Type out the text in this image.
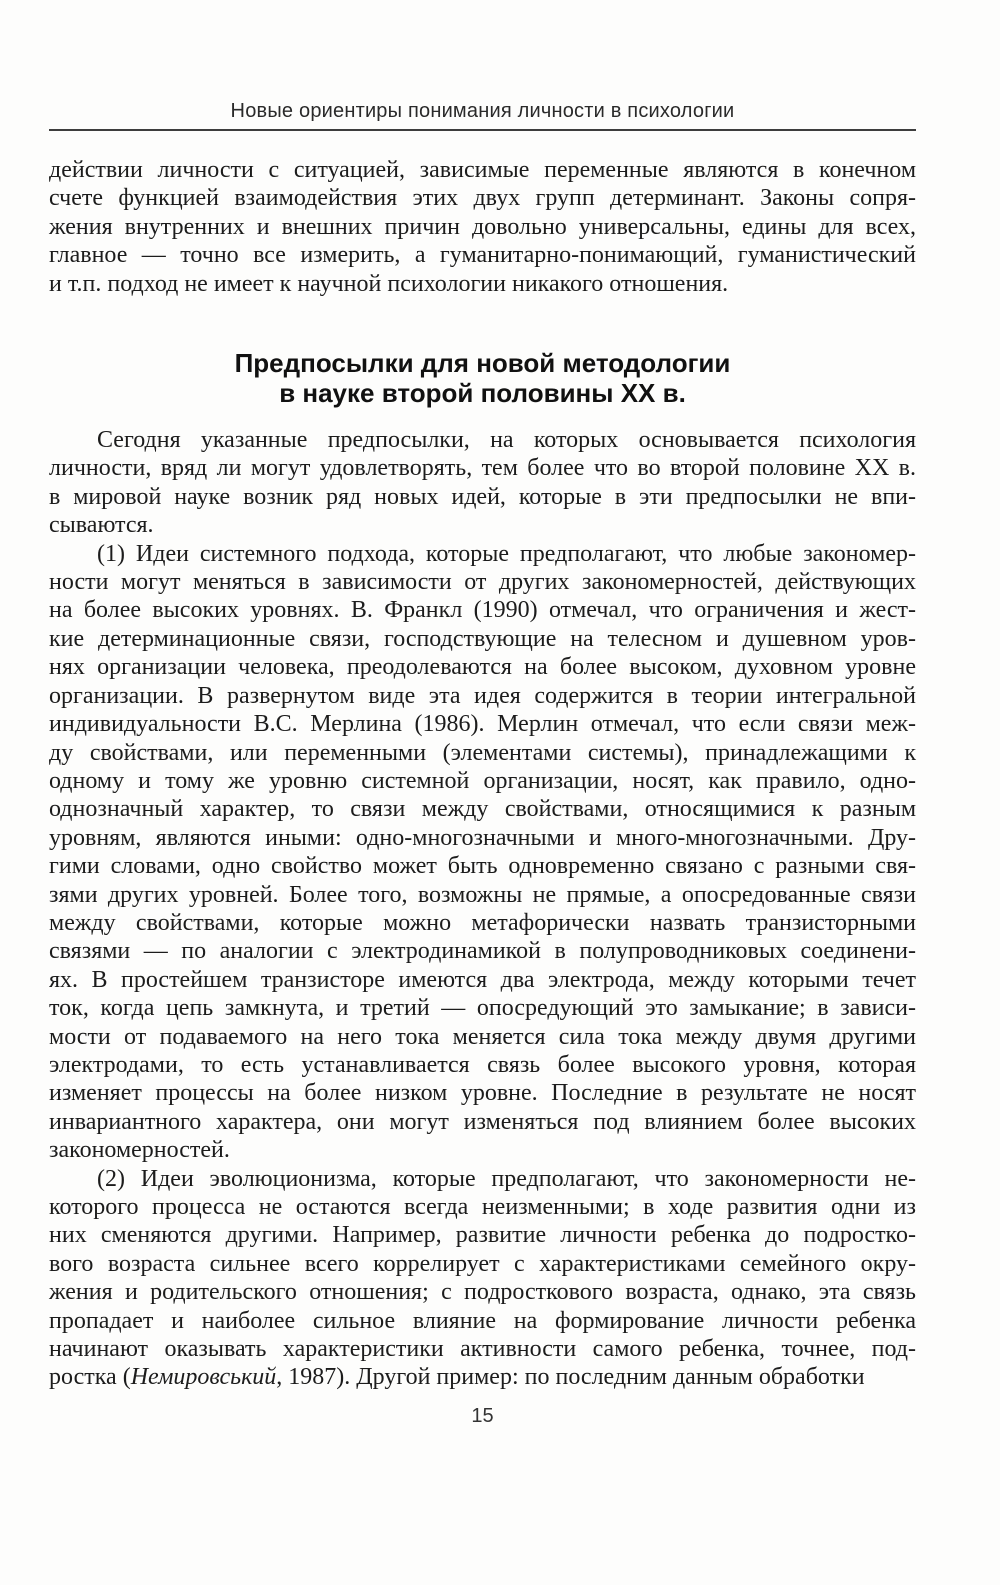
Новые ориентиры понимания личности в психологии
действии личности с ситуацией, зависимые переменные являются в конечном
счете функцией взаимодействия этих двух групп детерминант. Законы сопря-
жения внутренних и внешних причин довольно универсальны, едины для всех,
главное — точно все измерить, а гуманитарно-понимающий, гуманистический
и т.п. подход не имеет к научной психологии никакого отношения.
Предпосылки для новой методологии
в науке второй половины XX в.
Сегодня указанные предпосылки, на которых основывается психология
личности, вряд ли могут удовлетворять, тем более что во второй половине XX в.
в мировой науке возник ряд новых идей, которые в эти предпосылки не впи-
сываются.
(1) Идеи системного подхода, которые предполагают, что любые закономер-
ности могут меняться в зависимости от других закономерностей, действующих
на более высоких уровнях. В. Франкл (1990) отмечал, что ограничения и жест-
кие детерминационные связи, господствующие на телесном и душевном уров-
нях организации человека, преодолеваются на более высоком, духовном уровне
организации. В развернутом виде эта идея содержится в теории интегральной
индивидуальности В.С. Мерлина (1986). Мерлин отмечал, что если связи меж-
ду свойствами, или переменными (элементами системы), принадлежащими к
одному и тому же уровню системной организации, носят, как правило, одно-
однозначный характер, то связи между свойствами, относящимися к разным
уровням, являются иными: одно-многозначными и много-многозначными. Дру-
гими словами, одно свойство может быть одновременно связано с разными свя-
зями других уровней. Более того, возможны не прямые, а опосредованные связи
между свойствами, которые можно метафорически назвать транзисторными
связями — по аналогии с электродинамикой в полупроводниковых соединени-
ях. В простейшем транзисторе имеются два электрода, между которыми течет
ток, когда цепь замкнута, и третий — опосредующий это замыкание; в зависи-
мости от подаваемого на него тока меняется сила тока между двумя другими
электродами, то есть устанавливается связь более высокого уровня, которая
изменяет процессы на более низком уровне. Последние в результате не носят
инвариантного характера, они могут изменяться под влиянием более высоких
закономерностей.
(2) Идеи эволюционизма, которые предполагают, что закономерности не-
которого процесса не остаются всегда неизменными; в ходе развития одни из
них сменяются другими. Например, развитие личности ребенка до подростко-
вого возраста сильнее всего коррелирует с характеристиками семейного окру-
жения и родительского отношения; с подросткового возраста, однако, эта связь
пропадает и наиболее сильное влияние на формирование личности ребенка
начинают оказывать характеристики активности самого ребенка, точнее, под-
ростка (Немировський, 1987). Другой пример: по последним данным обработки
15
